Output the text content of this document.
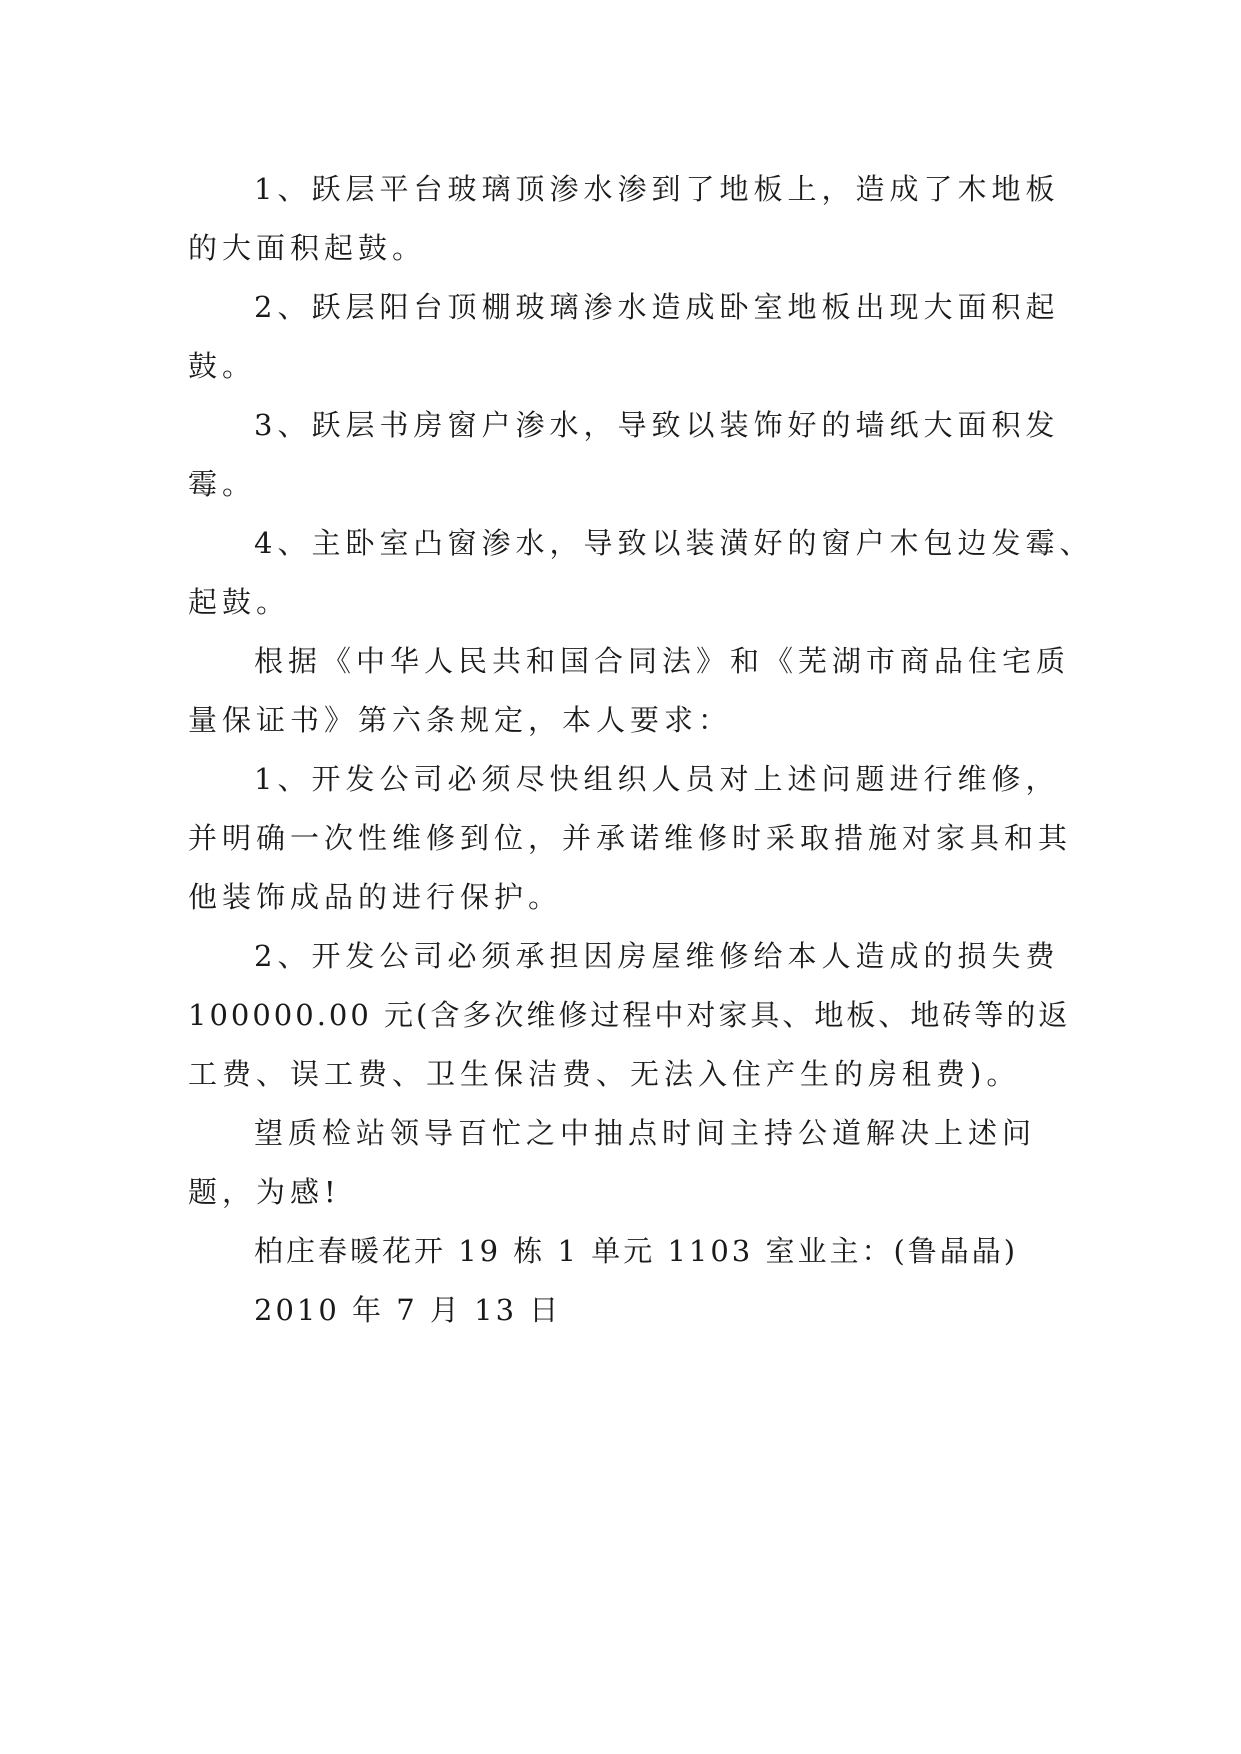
1、跃层平台玻璃顶渗水渗到了地板上，造成了木地板
的大面积起鼓。

2、跃层阳台顶棚玻璃渗水造成卧室地板出现大面积起
鼓。

3、跃层书房窗户渗水，导致以装饰好的墙纸大面积发
霉。

4、主卧室凸窗渗水，导致以装潢好的窗户木包边发霉、
起鼓。

根据《中华人民共和国合同法》和《芜湖市商品住宅质
量保证书》第六条规定，本人要求：

1、开发公司必须尽快组织人员对上述问题进行维修，
并明确一次性维修到位，并承诺维修时采取措施对家具和其
他装饰成品的进行保护。

2、开发公司必须承担因房屋维修给本人造成的损失费
100000.00 元(含多次维修过程中对家具、地板、地砖等的返
工费、误工费、卫生保洁费、无法入住产生的房租费)。

望质检站领导百忙之中抽点时间主持公道解决上述问
题，为感!

柏庄春暖花开 19 栋 1 单元 1103 室业主：(鲁晶晶)

2010 年 7 月 13 日
